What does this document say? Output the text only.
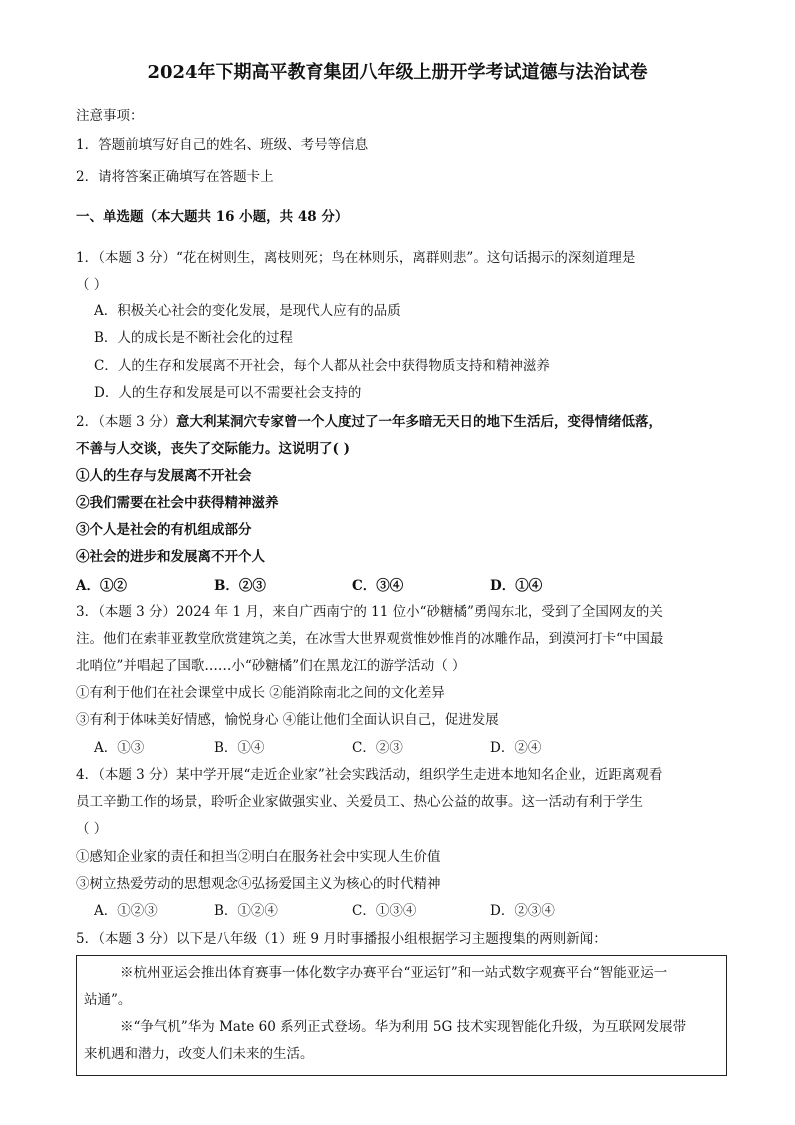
2024年下期高平教育集团八年级上册开学考试道德与法治试卷
注意事项：
1．答题前填写好自己的姓名、班级、考号等信息
2．请将答案正确填写在答题卡上
一、单选题（本大题共 16 小题，共 48 分）
1．（本题 3 分）“花在树则生，离枝则死；鸟在林则乐，离群则悲”。这句话揭示的深刻道理是
（ ）
A．积极关心社会的变化发展，是现代人应有的品质
B．人的成长是不断社会化的过程
C．人的生存和发展离不开社会，每个人都从社会中获得物质支持和精神滋养
D．人的生存和发展是可以不需要社会支持的
2．（本题 3 分）意大利某洞穴专家曾一个人度过了一年多暗无天日的地下生活后，变得情绪低落，
不善与人交谈，丧失了交际能力。这说明了( )
①人的生存与发展离不开社会
②我们需要在社会中获得精神滋养
③个人是社会的有机组成部分
④社会的进步和发展离不开个人
A．①②	B．②③	C．③④	D．①④
3．（本题 3 分）2024 年 1 月，来自广西南宁的 11 位小“砂糖橘”勇闯东北，受到了全国网友的关
注。他们在索菲亚教堂欣赏建筑之美，在冰雪大世界观赏惟妙惟肖的冰雕作品，到漠河打卡“中国最
北哨位”并唱起了国歌……小“砂糖橘”们在黑龙江的游学活动（ ）
①有利于他们在社会课堂中成长 ②能消除南北之间的文化差异
③有利于体味美好情感，愉悦身心 ④能让他们全面认识自己，促进发展
A．①③	B．①④	C．②③	D．②④
4．（本题 3 分）某中学开展“走近企业家”社会实践活动，组织学生走进本地知名企业，近距离观看
员工辛勤工作的场景，聆听企业家做强实业、关爱员工、热心公益的故事。这一活动有利于学生
（ ）
①感知企业家的责任和担当②明白在服务社会中实现人生价值
③树立热爱劳动的思想观念④弘扬爱国主义为核心的时代精神
A．①②③	B．①②④	C．①③④	D．②③④
5．（本题 3 分）以下是八年级（1）班 9 月时事播报小组根据学习主题搜集的两则新闻：
※杭州亚运会推出体育赛事一体化数字办赛平台“亚运钉”和一站式数字观赛平台“智能亚运一
站通”。
※“争气机”华为 Mate 60 系列正式登场。华为利用 5G 技术实现智能化升级，为互联网发展带
来机遇和潜力，改变人们未来的生活。
